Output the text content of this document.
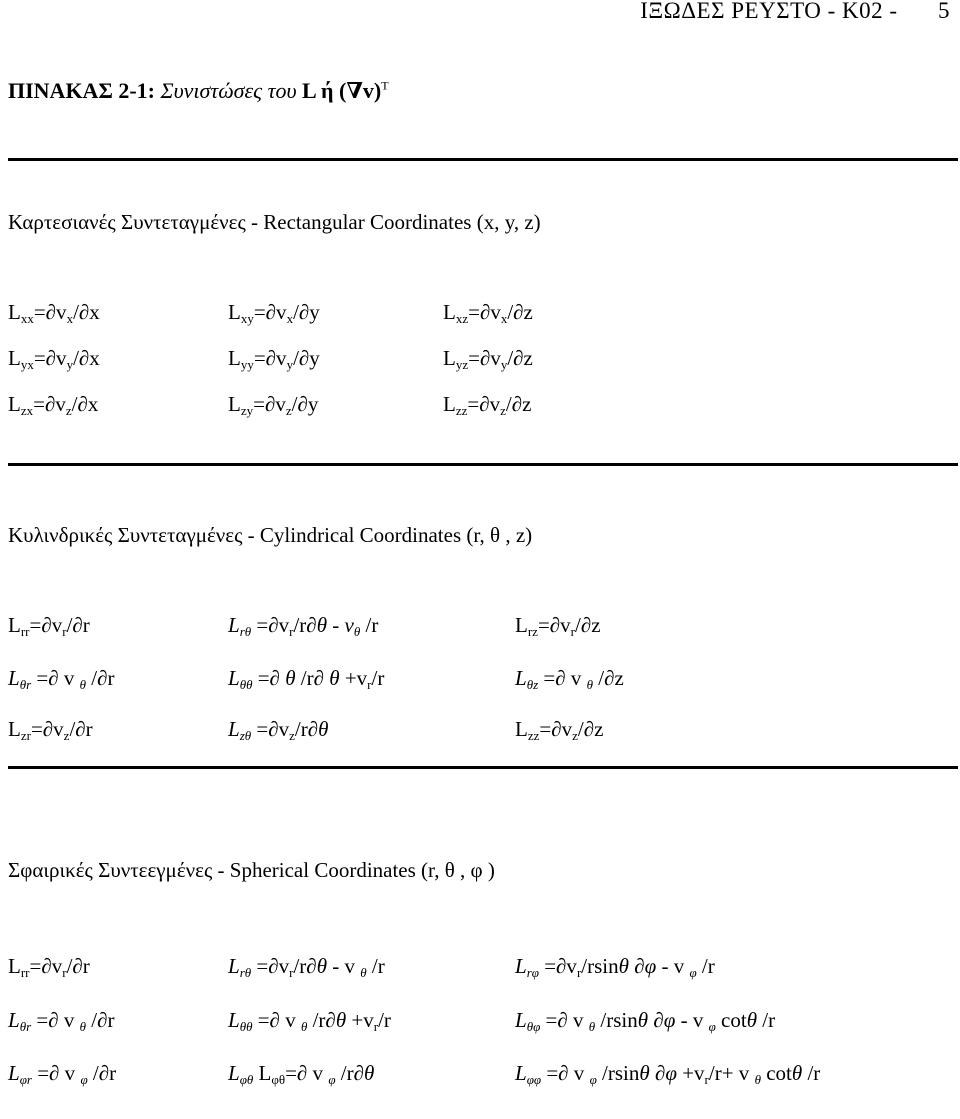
ΙΞΩΔΕΣ ΡΕΥΣΤΟ - Κ02 - 5
ΠΙΝΑΚΑΣ 2-1: Συνιστώσες του L ή $(\nabla v)^T$
Καρτεσιανές Συντεταγμένες - Rectangular Coordinates (x, y, z)
$L_{xx}=\partial v_x/\partial x$	$L_{xy}=\partial v_x/\partial y$	$L_{xz}=\partial v_x/\partial z$
$L_{yx}=\partial v_y/\partial x$	$L_{yy}=\partial v_y/\partial y$	$L_{yz}=\partial v_y/\partial z$
$L_{zx}=\partial v_z/\partial x$	$L_{zy}=\partial v_z/\partial y$	$L_{zz}=\partial v_z/\partial z$
Κυλινδρικές Συντεταγμένες - Cylindrical Coordinates (r, θ , z)
$L_{rr}=\partial v_r/\partial r$	$L_{r\theta} =\partial v_r/r\partial\theta - v_\theta$ /r	$L_{rz}=\partial v_r/\partial z$
$L_{\theta r}$ =∂ v $_\theta$ /∂r	$L_{\theta\theta}$ =∂ θ /r∂ $\theta +v_r/r$	$L_{\theta z}$ =∂ v $_\theta$ /∂z
$L_{zr}=\partial v_z/\partial r$	$L_{z\theta} =\partial v_z/r\partial\theta$	$L_{zz}=\partial v_z/\partial z$
Σφαιρικές Συντεεγμένες - Spherical Coordinates (r, θ , φ )
$L_{rr}=\partial v_r/\partial r$	$L_{r\theta} =\partial v_r/r\partial\theta - v$ $_\theta$ /r	$L_{r\varphi} =\partial v_r/rsin\theta$ ∂φ - v $_\varphi$ /r
$L_{\theta r}$ =∂ v $_\theta$ /∂r	$L_{\theta\theta}$ =∂ v $_\theta$ $/r\partial\theta +v_r/r$	$L_{\theta\varphi}$ =∂ v $_\theta$ /rsinθ ∂φ - v $_\varphi$ cotθ /r
$L_{\varphi r}$ =∂ v $_\varphi$ /∂r	$L_{\varphi\theta}$ $L_{\varphi\theta}=\partial$ v $_\varphi$ /r∂θ	$L_{\varphi\varphi}$ =∂ v $_\varphi$ /rsinθ $\partial\varphi +v_r/r+ v$ $_\theta$ cotθ /r
